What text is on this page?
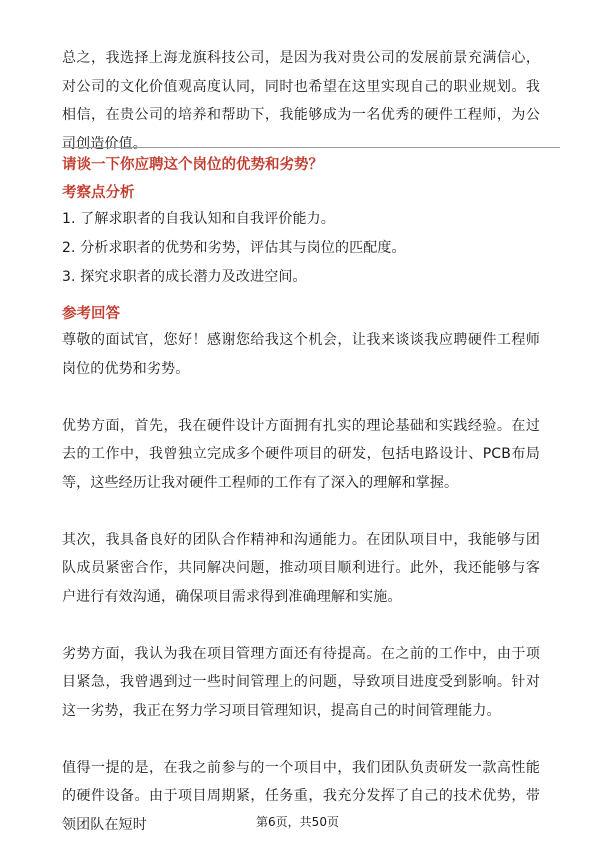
总之，我选择上海龙旗科技公司，是因为我对贵公司的发展前景充满信心，对公司的文化价值观高度认同，同时也希望在这里实现自己的职业规划。我相信，在贵公司的培养和帮助下，我能够成为一名优秀的硬件工程师，为公司创造价值。

请谈一下你应聘这个岗位的优势和劣势？

考察点分析

1. 了解求职者的自我认知和自我评价能力。
2. 分析求职者的优势和劣势，评估其与岗位的匹配度。
3. 探究求职者的成长潜力及改进空间。

参考回答

尊敬的面试官，您好！感谢您给我这个机会，让我来谈谈我应聘硬件工程师岗位的优势和劣势。

优势方面，首先，我在硬件设计方面拥有扎实的理论基础和实践经验。在过去的工作中，我曾独立完成多个硬件项目的研发，包括电路设计、PCB布局等，这些经历让我对硬件工程师的工作有了深入的理解和掌握。

其次，我具备良好的团队合作精神和沟通能力。在团队项目中，我能够与团队成员紧密合作，共同解决问题，推动项目顺利进行。此外，我还能够与客户进行有效沟通，确保项目需求得到准确理解和实施。

劣势方面，我认为我在项目管理方面还有待提高。在之前的工作中，由于项目紧急，我曾遇到过一些时间管理上的问题，导致项目进度受到影响。针对这一劣势，我正在努力学习项目管理知识，提高自己的时间管理能力。

值得一提的是，在我之前参与的一个项目中，我们团队负责研发一款高性能的硬件设备。由于项目周期紧，任务重，我充分发挥了自己的技术优势，带领团队在短时	第6页，共50页
